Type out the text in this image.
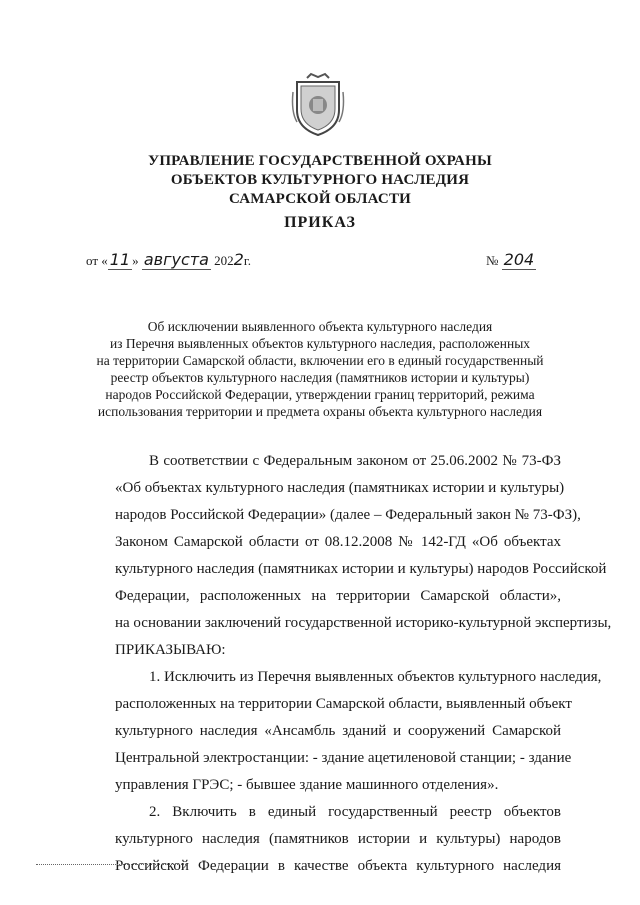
УПРАВЛЕНИЕ ГОСУДАРСТВЕННОЙ ОХРАНЫ
ОБЪЕКТОВ КУЛЬТУРНОГО НАСЛЕДИЯ
САМАРСКОЙ ОБЛАСТИ
ПРИКАЗ
от « 11 » августа 2022г.	№ 204
Об исключении выявленного объекта культурного наследия
из Перечня выявленных объектов культурного наследия, расположенных
на территории Самарской области, включении его в единый государственный
реестр объектов культурного наследия (памятников истории и культуры)
народов Российской Федерации, утверждении границ территорий, режима
использования территории и предмета охраны объекта культурного наследия
В соответствии с Федеральным законом от 25.06.2002 № 73-ФЗ
«Об объектах культурного наследия (памятниках истории и культуры)
народов Российской Федерации» (далее – Федеральный закон № 73-ФЗ),
Законом Самарской области от 08.12.2008 № 142-ГД «Об объектах
культурного наследия (памятниках истории и культуры) народов Российской
Федерации, расположенных на территории Самарской области»,
на основании заключений государственной историко-культурной экспертизы,
ПРИКАЗЫВАЮ:
1. Исключить из Перечня выявленных объектов культурного наследия,
расположенных на территории Самарской области, выявленный объект
культурного наследия «Ансамбль зданий и сооружений Самарской
Центральной электростанции: - здание ацетиленовой станции; - здание
управления ГРЭС; - бывшее здание машинного отделения».
2. Включить в единый государственный реестр объектов
культурного наследия (памятников истории и культуры) народов
Российской Федерации в качестве объекта культурного наследия
